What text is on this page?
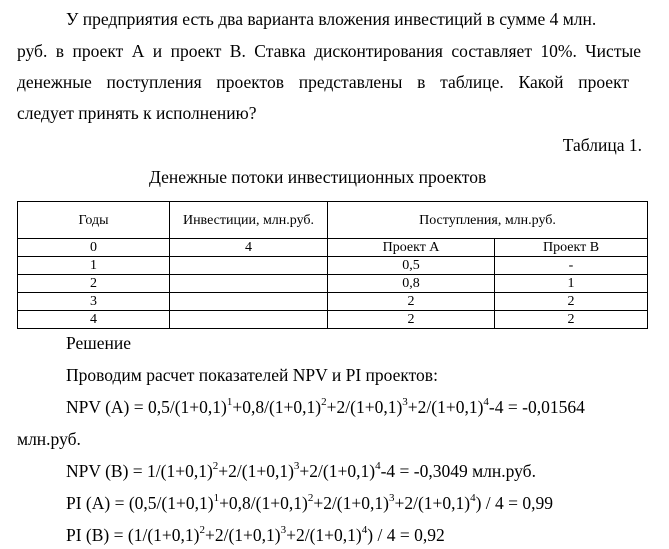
У предприятия есть два варианта вложения инвестиций в сумме 4 млн.
руб. в проект А и проект В. Ставка дисконтирования составляет 10%. Чистые
денежные поступления проектов представлены в таблице. Какой проект
следует принять к исполнению?
Таблица 1.
Денежные потоки инвестиционных проектов
Годы	Инвестиции, млн.руб.	Поступления, млн.руб.	
0	4	Проект А	Проект В
1		0,5	-
2		0,8	1
3		2	2
4		2	2
Решение
Проводим расчет показателей NPV и PI проектов:
NPV $(A) = 0,5/(1+0,1)^1+0,8/(1+0,1)^2+2/(1+0,1)^3+2/(1+0,1)^4-4 = -0,01564$
млн.руб.
NPV $(B) = 1/(1+0,1)^2+2/(1+0,1)^3+2/(1+0,1)^4-4 = -0,3049$ млн.руб.
PI $(A) = (0,5/(1+0,1)^1+0,8/(1+0,1)^2+2/(1+0,1)^3+2/(1+0,1)^4) / 4 = 0,99$
PI $(B) = (1/(1+0,1)^2+2/(1+0,1)^3+2/(1+0,1)^4) / 4 = 0,92$
